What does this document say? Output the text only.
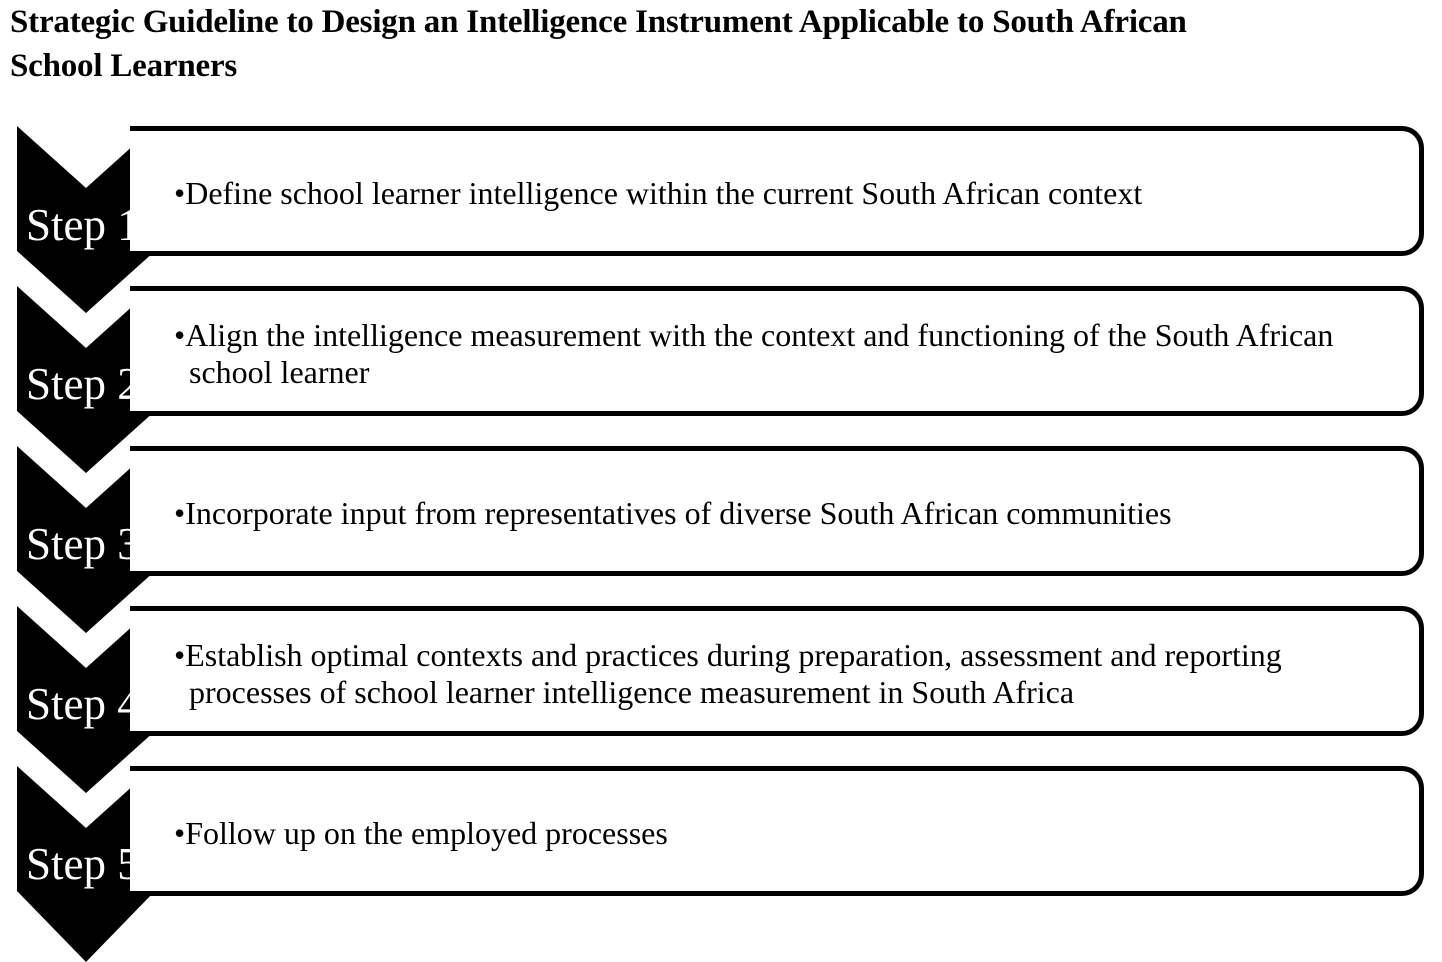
Strategic Guideline to Design an Intelligence Instrument Applicable to South African
School Learners
•Define school learner intelligence within the current South African context
Step 1
•Align the intelligence measurement with the context and functioning of the South African school learner
Step 2
•Incorporate input from representatives of diverse South African communities
Step 3
•Establish optimal contexts and practices during preparation, assessment and reporting processes of school learner intelligence measurement in South Africa
Step 4
•Follow up on the employed processes
Step 5
